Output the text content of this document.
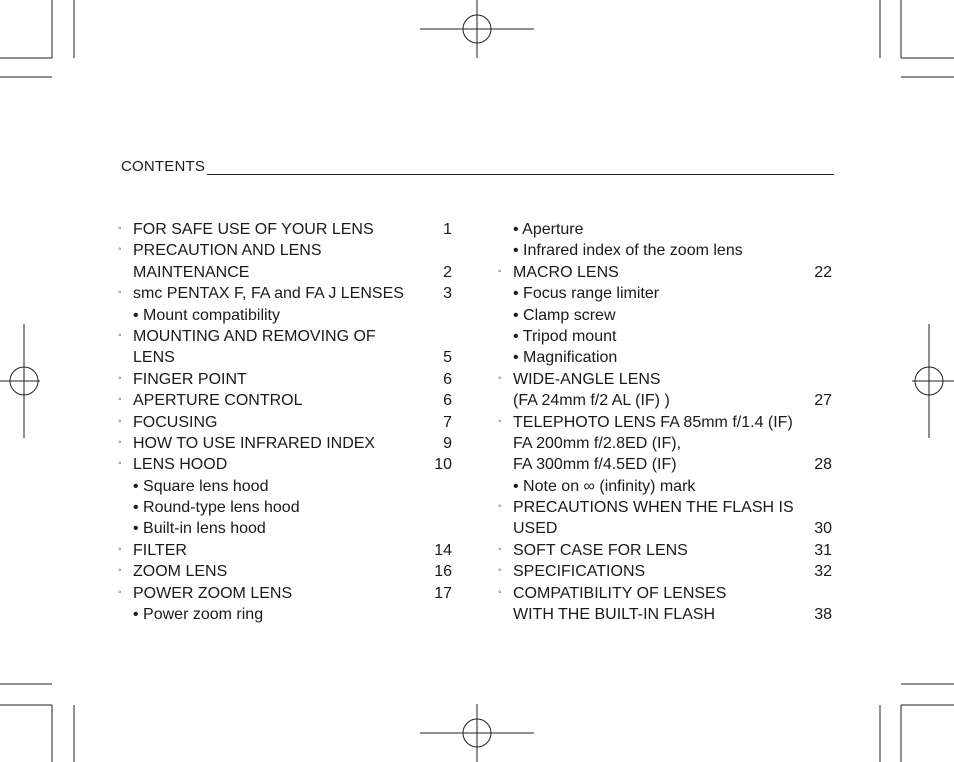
CONTENTS
◦ FOR SAFE USE OF YOUR LENS	1
◦ PRECAUTION AND LENS
MAINTENANCE	2
◦ smc PENTAX F, FA and FA J LENSES 3
• Mount compatibility
◦ MOUNTING AND REMOVING OF
LENS	5
◦ FINGER POINT	6
◦ APERTURE CONTROL	6
◦ FOCUSING	7
◦ HOW TO USE INFRARED INDEX	9
◦ LENS HOOD	10
• Square lens hood
• Round-type lens hood
• Built-in lens hood
◦ FILTER	14
◦ ZOOM LENS	16
◦ POWER ZOOM LENS	17
• Power zoom ring
• Aperture
• Infrared index of the zoom lens
◦ MACRO LENS	22
• Focus range limiter
• Clamp screw
• Tripod mount
• Magnification
◦ WIDE-ANGLE LENS
(FA 24mm f/2 AL (IF) )	27
◦ TELEPHOTO LENS FA 85mm f/1.4 (IF)
FA 200mm f/2.8ED (IF),
FA 300mm f/4.5ED (IF)	28
• Note on ∞ (infinity) mark
◦ PRECAUTIONS WHEN THE FLASH IS
USED	30
◦ SOFT CASE FOR LENS	31
◦ SPECIFICATIONS	32
◦ COMPATIBILITY OF LENSES
WITH THE BUILT-IN FLASH	38
